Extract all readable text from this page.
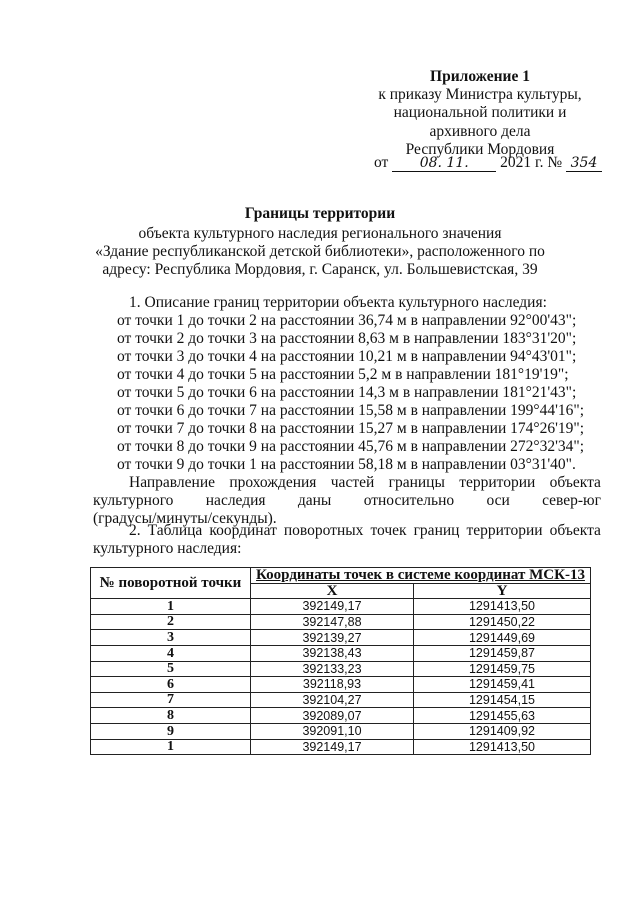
Приложение 1
к приказу Министра культуры,
национальной политики и
архивного дела
Республики Мордовия
от 08. 11. 2021 г. № 354
Границы территории
объекта культурного наследия регионального значения
«Здание республиканской детской библиотеки», расположенного по
адресу: Республика Мордовия, г. Саранск, ул. Большевистская, 39
1. Описание границ территории объекта культурного наследия:
от точки 1 до точки 2 на расстоянии 36,74 м в направлении 92°00'43";
от точки 2 до точки 3 на расстоянии 8,63 м в направлении 183°31'20";
от точки 3 до точки 4 на расстоянии 10,21 м в направлении 94°43'01";
от точки 4 до точки 5 на расстоянии 5,2 м в направлении 181°19'19";
от точки 5 до точки 6 на расстоянии 14,3 м в направлении 181°21'43";
от точки 6 до точки 7 на расстоянии 15,58 м в направлении 199°44'16";
от точки 7 до точки 8 на расстоянии 15,27 м в направлении 174°26'19";
от точки 8 до точки 9 на расстоянии 45,76 м в направлении 272°32'34";
от точки 9 до точки 1 на расстоянии 58,18 м в направлении 03°31'40".
Направление прохождения частей границы территории объекта
культурного наследия даны относительно оси север-юг
(градусы/минуты/секунды).
2. Таблица координат поворотных точек границ территории объекта
культурного наследия:
№ поворотной точки	Координаты точек в системе координат МСК-13	
	X	Y
1	392149,17	1291413,50
2	392147,88	1291450,22
3	392139,27	1291449,69
4	392138,43	1291459,87
5	392133,23	1291459,75
6	392118,93	1291459,41
7	392104,27	1291454,15
8	392089,07	1291455,63
9	392091,10	1291409,92
1	392149,17	1291413,50
